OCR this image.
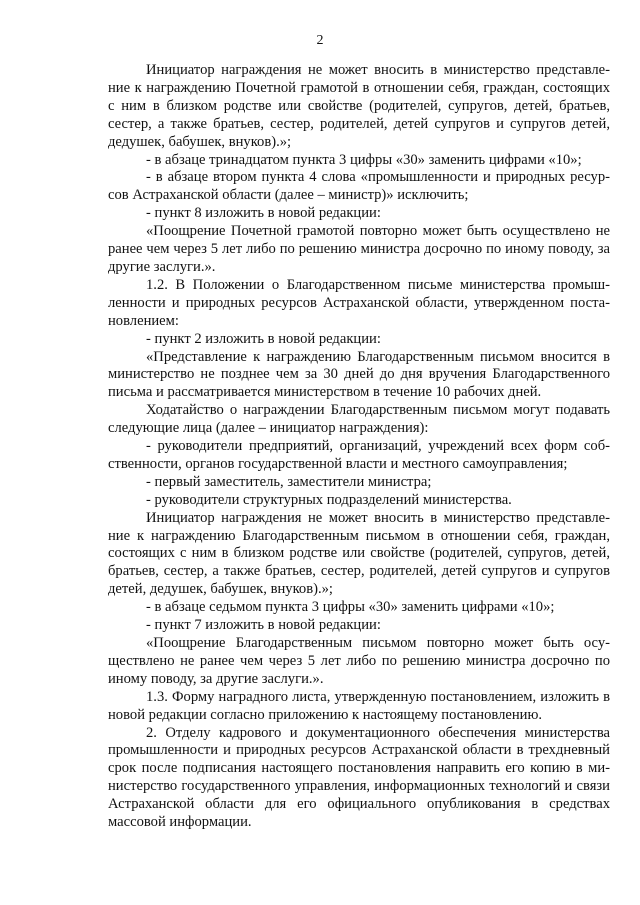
2

Инициатор награждения не может вносить в министерство представле-ние к награждению Почетной грамотой в отношении себя, граждан, состоящих с ним в близком родстве или свойстве (родителей, супругов, детей, братьев, сестер, а также братьев, сестер, родителей, детей супругов и супругов детей, дедушек, бабушек, внуков).»;

- в абзаце тринадцатом пункта 3 цифры «30» заменить цифрами «10»;

- в абзаце втором пункта 4 слова «промышленности и природных ресур-сов Астраханской области (далее – министр)» исключить;

- пункт 8 изложить в новой редакции:

«Поощрение Почетной грамотой повторно может быть осуществлено не ранее чем через 5 лет либо по решению министра досрочно по иному поводу, за другие заслуги.».

1.2. В Положении о Благодарственном письме министерства промыш-ленности и природных ресурсов Астраханской области, утвержденном поста-новлением:

- пункт 2 изложить в новой редакции:

«Представление к награждению Благодарственным письмом вносится в министерство не позднее чем за 30 дней до дня вручения Благодарственного письма и рассматривается министерством в течение 10 рабочих дней.

Ходатайство о награждении Благодарственным письмом могут подавать следующие лица (далее – инициатор награждения):

- руководители предприятий, организаций, учреждений всех форм соб-ственности, органов государственной власти и местного самоуправления;

- первый заместитель, заместители министра;

- руководители структурных подразделений министерства.

Инициатор награждения не может вносить в министерство представле-ние к награждению Благодарственным письмом в отношении себя, граждан, состоящих с ним в близком родстве или свойстве (родителей, супругов, детей, братьев, сестер, а также братьев, сестер, родителей, детей супругов и супругов детей, дедушек, бабушек, внуков).»;

- в абзаце седьмом пункта 3 цифры «30» заменить цифрами «10»;

- пункт 7 изложить в новой редакции:

«Поощрение Благодарственным письмом повторно может быть осу-ществлено не ранее чем через 5 лет либо по решению министра досрочно по иному поводу, за другие заслуги.».

1.3. Форму наградного листа, утвержденную постановлением, изложить в новой редакции согласно приложению к настоящему постановлению.

2. Отделу кадрового и документационного обеспечения министерства промышленности и природных ресурсов Астраханской области в трехдневный срок после подписания настоящего постановления направить его копию в ми-нистерство государственного управления, информационных технологий и связи Астраханской области для его официального опубликования в средствах массовой информации.
